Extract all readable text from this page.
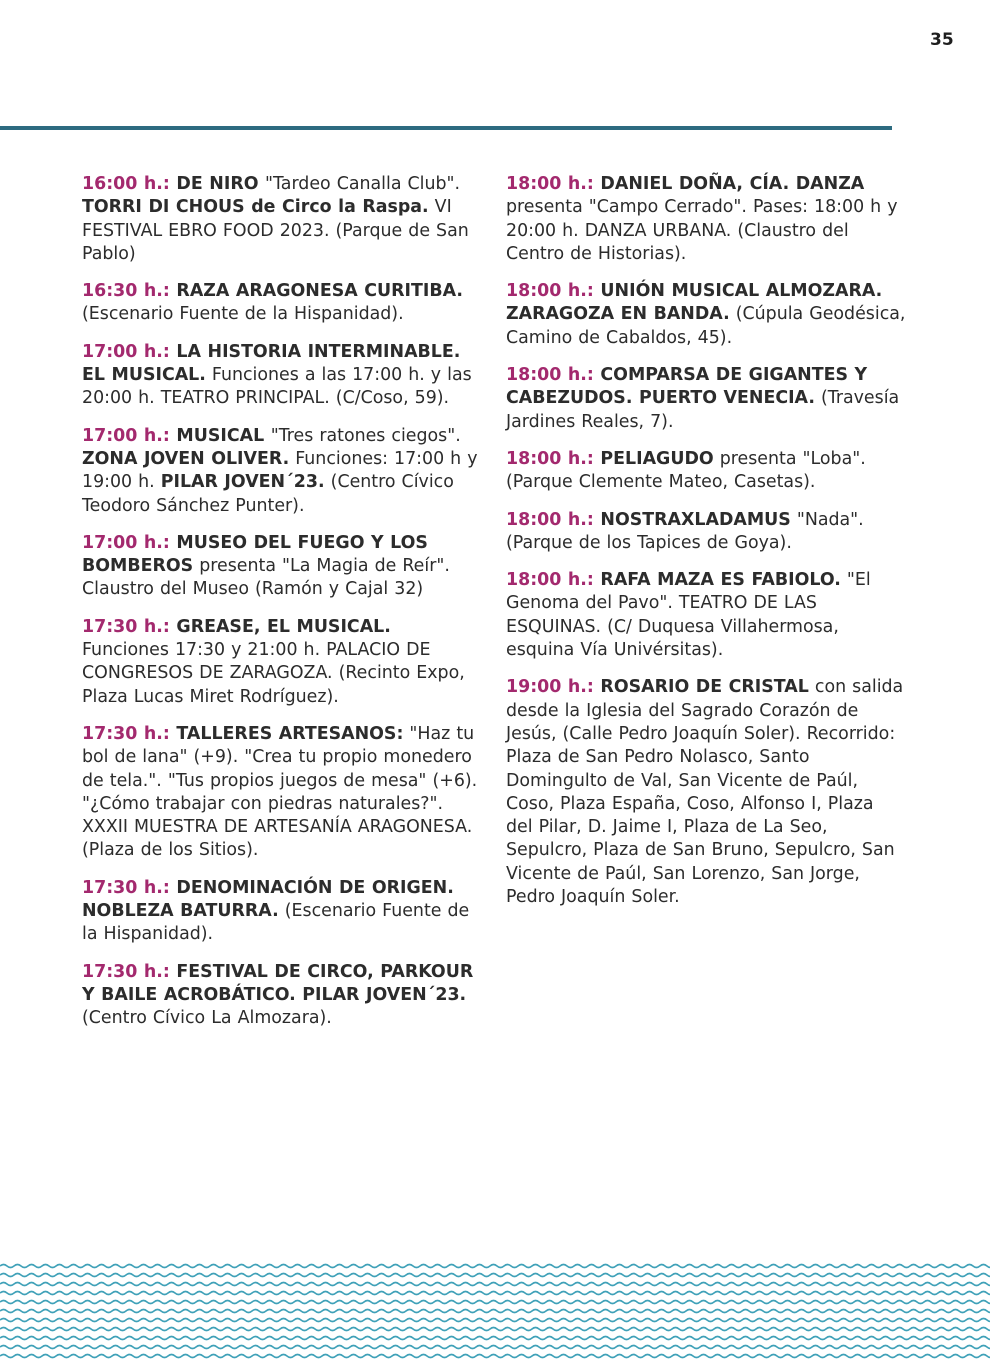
35

16:00 h.: DE NIRO "Tardeo Canalla Club". TORRI DI CHOUS de Circo la Raspa. VI FESTIVAL EBRO FOOD 2023. (Parque de San Pablo)

16:30 h.: RAZA ARAGONESA CURITIBA. (Escenario Fuente de la Hispanidad).

17:00 h.: LA HISTORIA INTERMINABLE. EL MUSICAL. Funciones a las 17:00 h. y las 20:00 h. TEATRO PRINCIPAL. (C/Coso, 59).

17:00 h.: MUSICAL "Tres ratones ciegos". ZONA JOVEN OLIVER. Funciones: 17:00 h y 19:00 h. PILAR JOVEN´23. (Centro Cívico Teodoro Sánchez Punter).

17:00 h.: MUSEO DEL FUEGO Y LOS BOMBEROS presenta "La Magia de Reír". Claustro del Museo (Ramón y Cajal 32)

17:30 h.: GREASE, EL MUSICAL. Funciones 17:30 y 21:00 h. PALACIO DE CONGRESOS DE ZARAGOZA. (Recinto Expo, Plaza Lucas Miret Rodríguez).

17:30 h.: TALLERES ARTESANOS: "Haz tu bol de lana" (+9). "Crea tu propio monedero de tela.". "Tus propios juegos de mesa" (+6). "¿Cómo trabajar con piedras naturales?". XXXII MUESTRA DE ARTESANÍA ARAGONESA. (Plaza de los Sitios).

17:30 h.: DENOMINACIÓN DE ORIGEN. NOBLEZA BATURRA. (Escenario Fuente de la Hispanidad).

17:30 h.: FESTIVAL DE CIRCO, PARKOUR Y BAILE ACROBÁTICO. PILAR JOVEN´23. (Centro Cívico La Almozara).

18:00 h.: DANIEL DOÑA, CÍA. DANZA presenta "Campo Cerrado". Pases: 18:00 h y 20:00 h. DANZA URBANA. (Claustro del Centro de Historias).

18:00 h.: UNIÓN MUSICAL ALMOZARA. ZARAGOZA EN BANDA. (Cúpula Geodésica, Camino de Cabaldos, 45).

18:00 h.: COMPARSA DE GIGANTES Y CABEZUDOS. PUERTO VENECIA. (Travesía Jardines Reales, 7).

18:00 h.: PELIAGUDO presenta "Loba". (Parque Clemente Mateo, Casetas).

18:00 h.: NOSTRAXLADAMUS "Nada". (Parque de los Tapices de Goya).

18:00 h.: RAFA MAZA ES FABIOLO. "El Genoma del Pavo". TEATRO DE LAS ESQUINAS. (C/ Duquesa Villahermosa, esquina Vía Univérsitas).

19:00 h.: ROSARIO DE CRISTAL con salida desde la Iglesia del Sagrado Corazón de Jesús, (Calle Pedro Joaquín Soler). Recorrido: Plaza de San Pedro Nolasco, Santo Domingulto de Val, San Vicente de Paúl, Coso, Plaza España, Coso, Alfonso I, Plaza del Pilar, D. Jaime I, Plaza de La Seo, Sepulcro, Plaza de San Bruno, Sepulcro, San Vicente de Paúl, San Lorenzo, San Jorge, Pedro Joaquín Soler.
